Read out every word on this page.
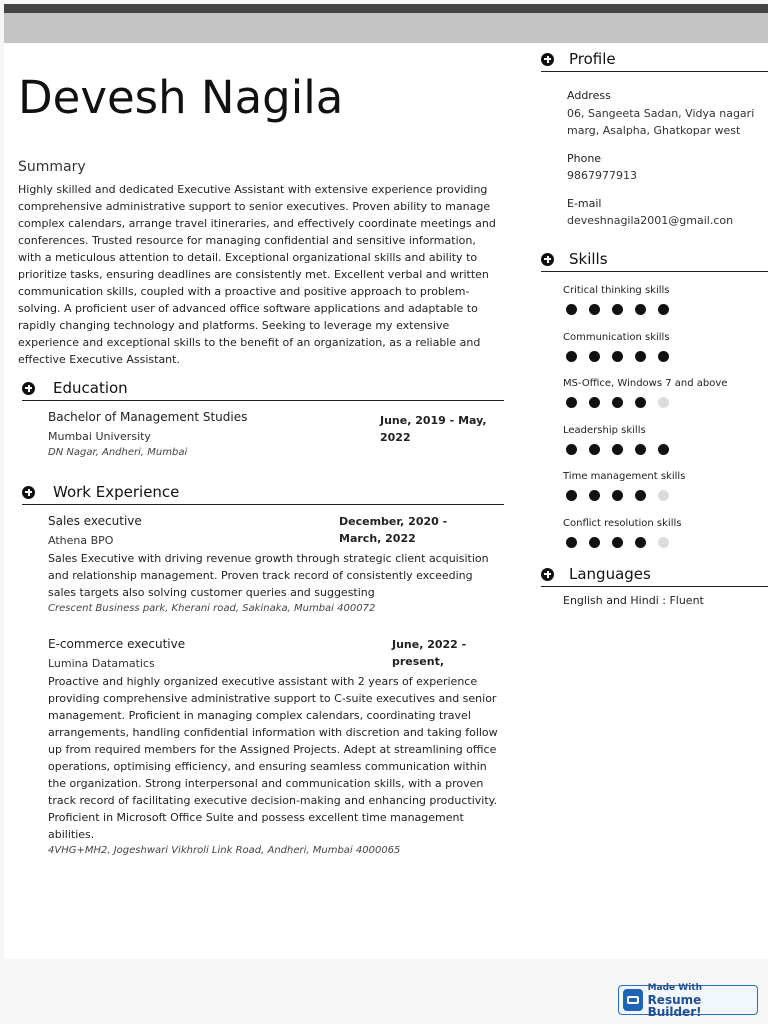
Devesh Nagila
Summary

Highly skilled and dedicated Executive Assistant with extensive experience providing comprehensive administrative support to senior executives. Proven ability to manage complex calendars, arrange travel itineraries, and effectively coordinate meetings and conferences. Trusted resource for managing confidential and sensitive information, with a meticulous attention to detail. Exceptional organizational skills and ability to prioritize tasks, ensuring deadlines are consistently met. Excellent verbal and written communication skills, coupled with a proactive and positive approach to problem-solving. A proficient user of advanced office software applications and adaptable to rapidly changing technology and platforms. Seeking to leverage my extensive experience and exceptional skills to the benefit of an organization, as a reliable and effective Executive Assistant.

Education
Bachelor of Management Studies
Mumbai University
DN Nagar, Andheri, Mumbai
June, 2019 - May, 2022
Work Experience
Sales executive
Athena BPO
Sales Executive with driving revenue growth through strategic client acquisition and relationship management. Proven track record of consistently exceeding sales targets also solving customer queries and suggesting
Crescent Business park, Kherani road, Sakinaka, Mumbai 400072
December, 2020 - March, 2022
E-commerce executive
Lumina Datamatics
Proactive and highly organized executive assistant with 2 years of experience providing comprehensive administrative support to C-suite executives and senior management. Proficient in managing complex calendars, coordinating travel arrangements, handling confidential information with discretion and taking follow up from required members for the Assigned Projects. Adept at streamlining office operations, optimising efficiency, and ensuring seamless communication within the organization. Strong interpersonal and communication skills, with a proven track record of facilitating executive decision-making and enhancing productivity. Proficient in Microsoft Office Suite and possess excellent time management abilities.
4VHG+MH2, Jogeshwari Vikhroli Link Road, Andheri, Mumbai 4000065
June, 2022 - present,
Profile
Address
06, Sangeeta Sadan, Vidya nagari marg, Asalpha, Ghatkopar west
Phone
9867977913
E-mail
deveshnagila2001@gmail.con
Skills
Critical thinking skills
Communication skills
MS-Office, Windows 7 and above
Leadership skills
Time management skills
Conflict resolution skills
Languages
English and Hindi : Fluent
Made With
Resume Builder!
